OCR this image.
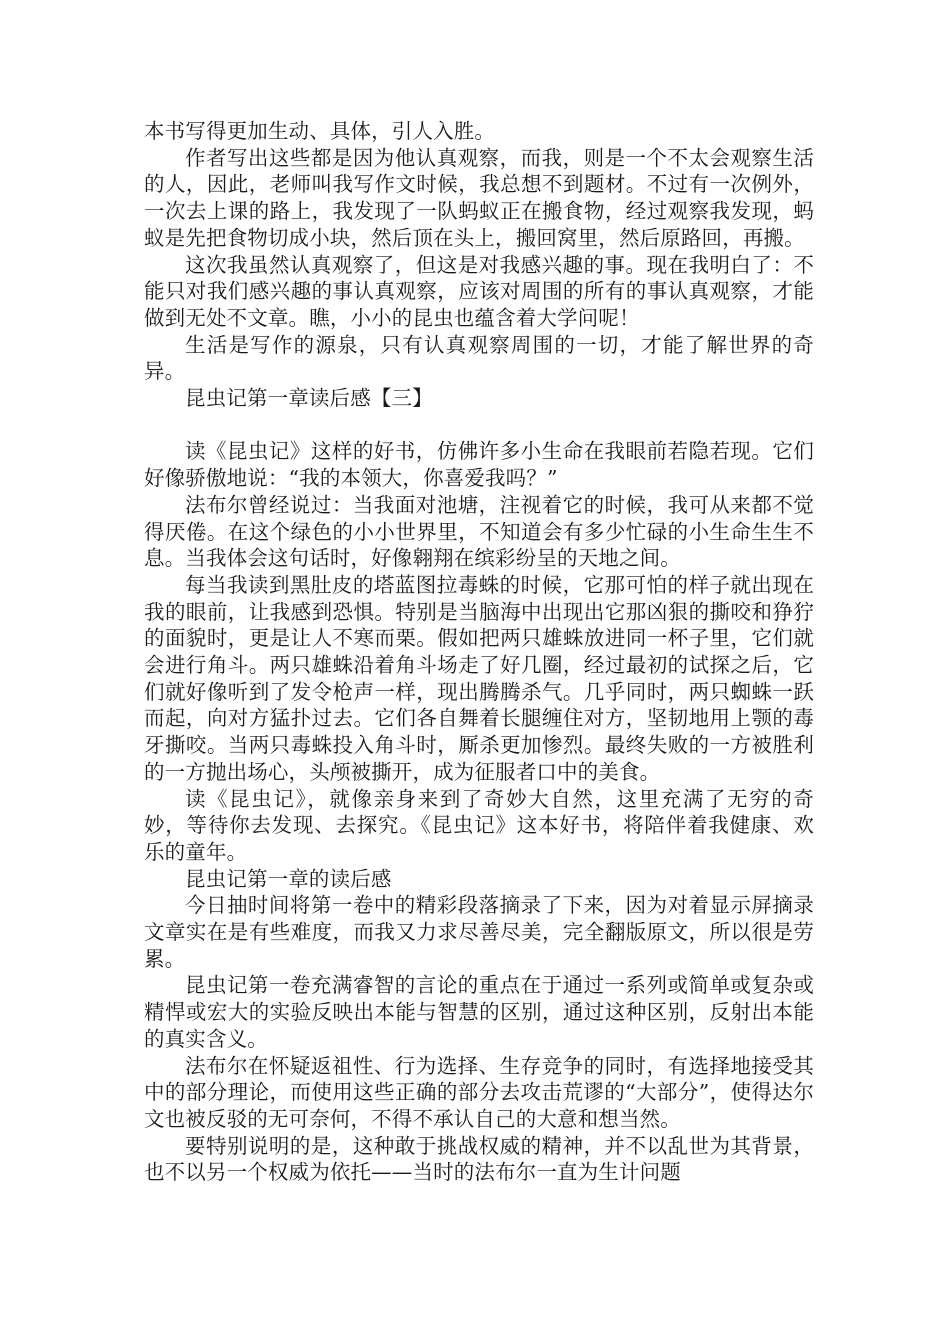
本书写得更加生动、具体，引人入胜。

作者写出这些都是因为他认真观察，而我，则是一个不太会观察生活的人，因此，老师叫我写作文时候，我总想不到题材。不过有一次例外，一次去上课的路上，我发现了一队蚂蚁正在搬食物，经过观察我发现，蚂蚁是先把食物切成小块，然后顶在头上，搬回窝里，然后原路回，再搬。

这次我虽然认真观察了，但这是对我感兴趣的事。现在我明白了：不能只对我们感兴趣的事认真观察，应该对周围的所有的事认真观察，才能做到无处不文章。瞧，小小的昆虫也蕴含着大学问呢！

生活是写作的源泉，只有认真观察周围的一切，才能了解世界的奇异。

昆虫记第一章读后感【三】

读《昆虫记》这样的好书，仿佛许多小生命在我眼前若隐若现。它们好像骄傲地说：“我的本领大，你喜爱我吗？”

法布尔曾经说过：当我面对池塘，注视着它的时候，我可从来都不觉得厌倦。在这个绿色的小小世界里，不知道会有多少忙碌的小生命生生不息。当我体会这句话时，好像翱翔在缤彩纷呈的天地之间。

每当我读到黑肚皮的塔蓝图拉毒蛛的时候，它那可怕的样子就出现在我的眼前，让我感到恐惧。特别是当脑海中出现出它那凶狠的撕咬和狰狞的面貌时，更是让人不寒而栗。假如把两只雄蛛放进同一杯子里，它们就会进行角斗。两只雄蛛沿着角斗场走了好几圈，经过最初的试探之后，它们就好像听到了发令枪声一样，现出腾腾杀气。几乎同时，两只蜘蛛一跃而起，向对方猛扑过去。它们各自舞着长腿缠住对方，坚韧地用上颚的毒牙撕咬。当两只毒蛛投入角斗时，厮杀更加惨烈。最终失败的一方被胜利的一方抛出场心，头颅被撕开，成为征服者口中的美食。

读《昆虫记》，就像亲身来到了奇妙大自然，这里充满了无穷的奇妙，等待你去发现、去探究。《昆虫记》这本好书，将陪伴着我健康、欢乐的童年。

昆虫记第一章的读后感

今日抽时间将第一卷中的精彩段落摘录了下来，因为对着显示屏摘录文章实在是有些难度，而我又力求尽善尽美，完全翻版原文，所以很是劳累。

昆虫记第一卷充满睿智的言论的重点在于通过一系列或简单或复杂或精悍或宏大的实验反映出本能与智慧的区别，通过这种区别，反射出本能的真实含义。

法布尔在怀疑返祖性、行为选择、生存竞争的同时，有选择地接受其中的部分理论，而使用这些正确的部分去攻击荒谬的“大部分”，使得达尔文也被反驳的无可奈何，不得不承认自己的大意和想当然。

要特别说明的是，这种敢于挑战权威的精神，并不以乱世为其背景，也不以另一个权威为依托——当时的法布尔一直为生计问题
